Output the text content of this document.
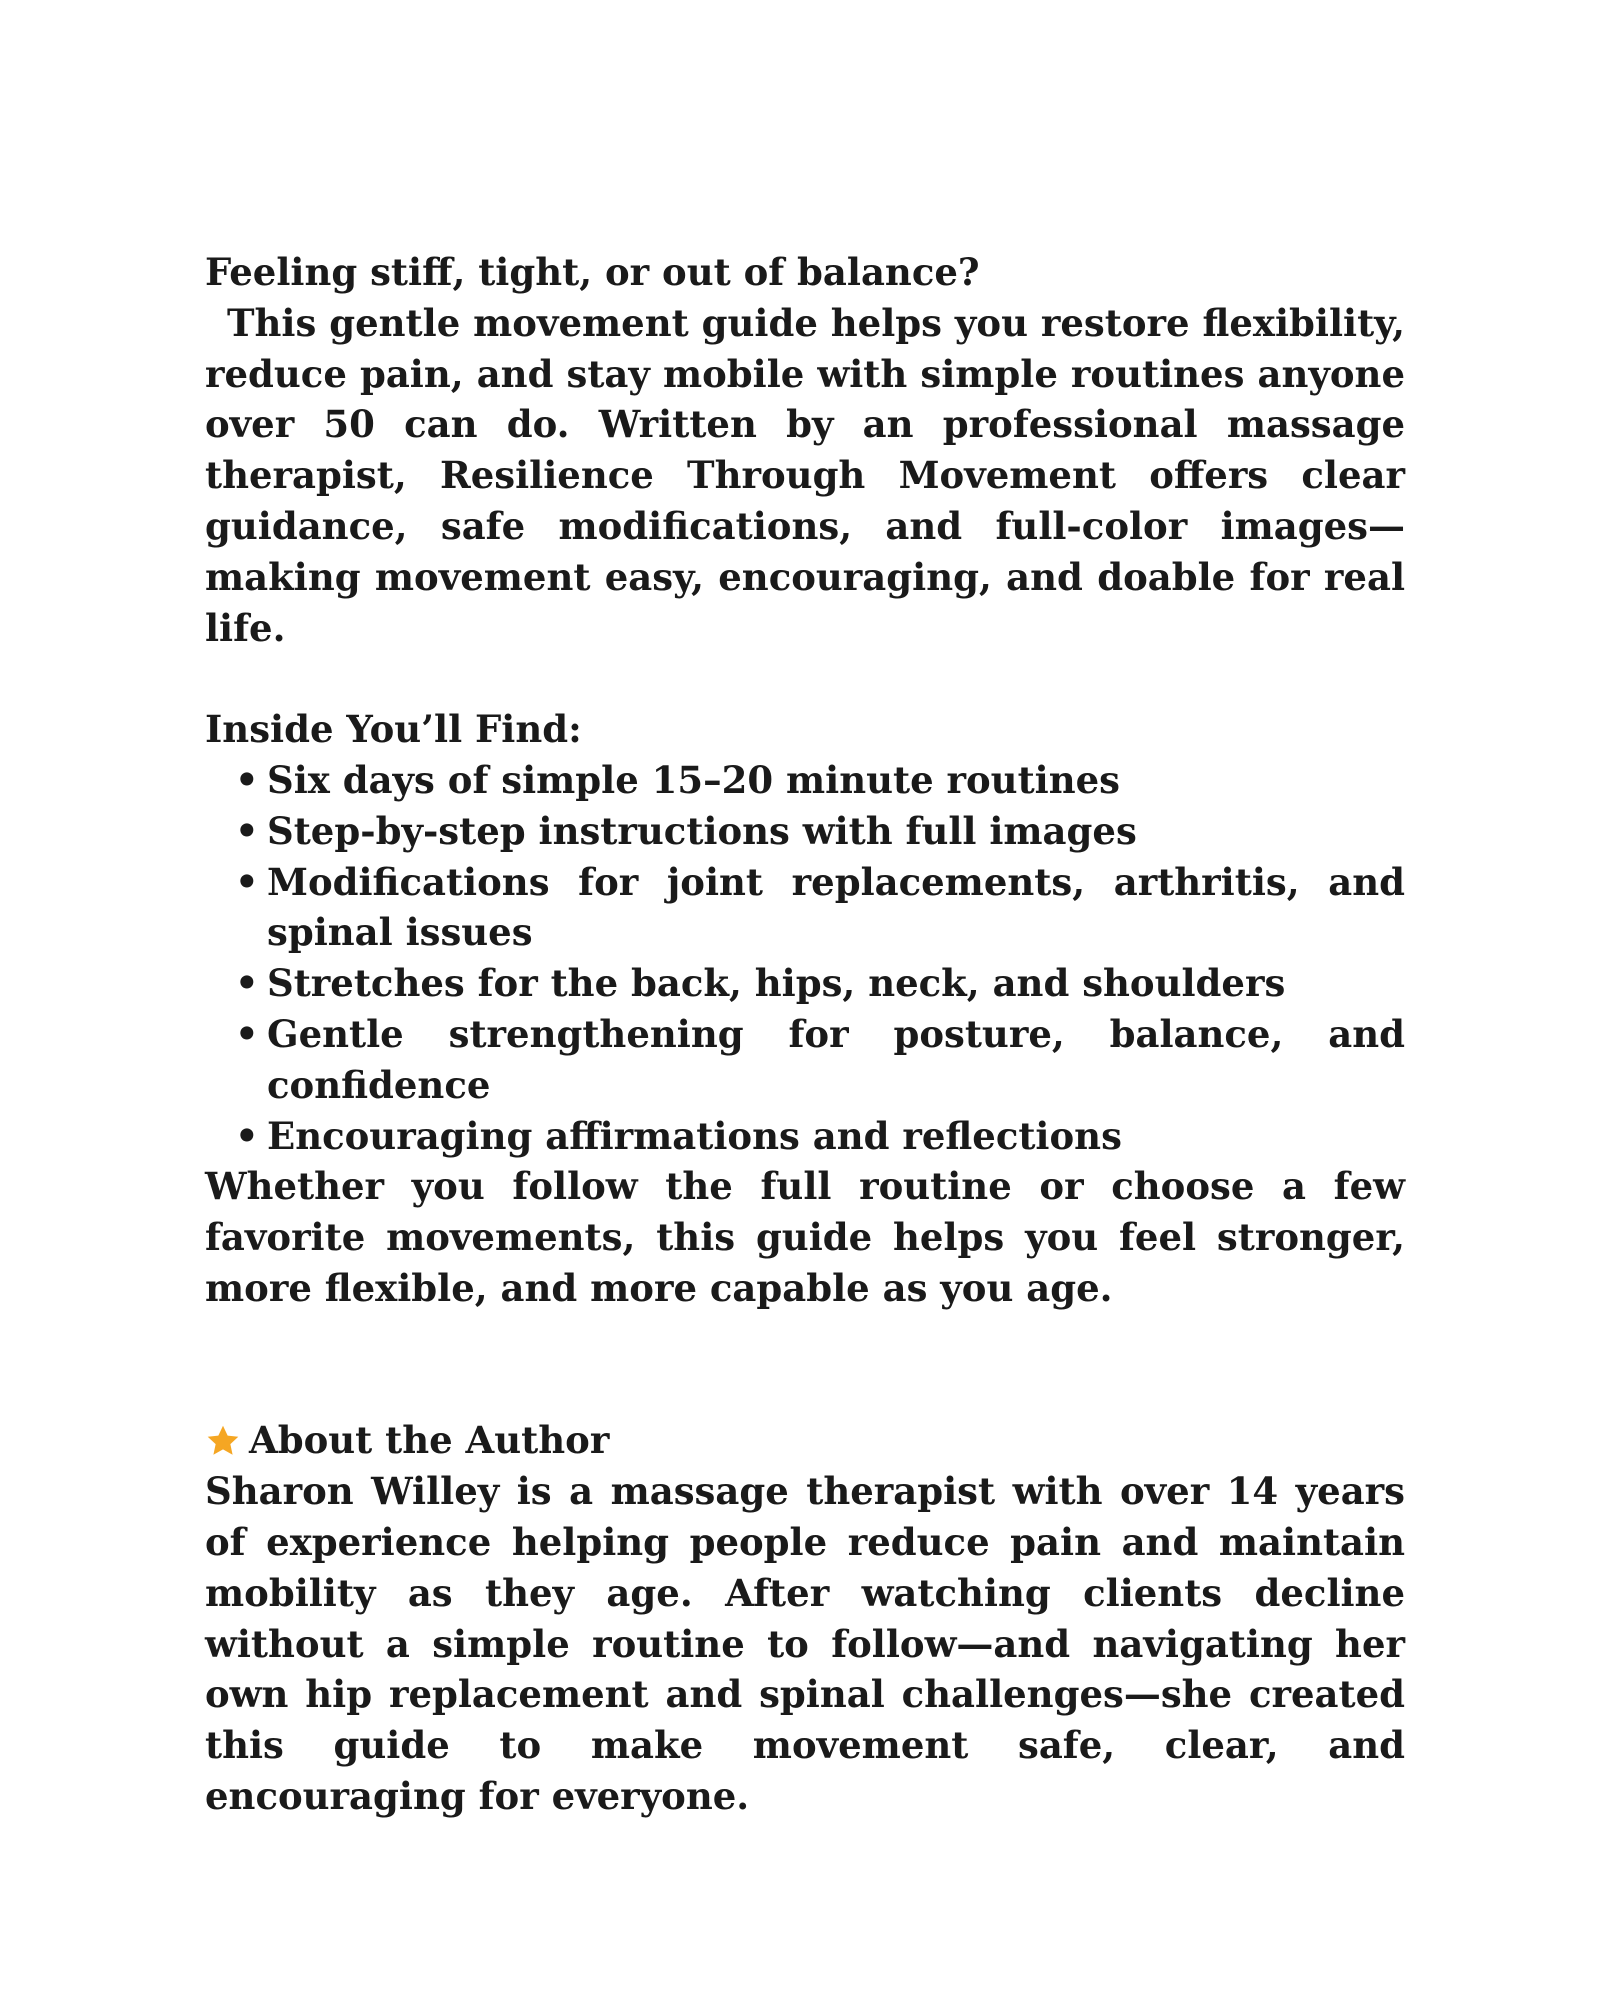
Feeling stiff, tight, or out of balance?

This gentle movement guide helps you restore flexibility, reduce pain, and stay mobile with simple routines anyone over 50 can do. Written by an professional massage therapist, Resilience Through Movement offers clear guidance, safe modifications, and full-color images—making movement easy, encouraging, and doable for real life.

Inside You’ll Find:

• Six days of simple 15–20 minute routines
• Step-by-step instructions with full images
• Modifications for joint replacements, arthritis, and spinal issues
• Stretches for the back, hips, neck, and shoulders
• Gentle strengthening for posture, balance, and confidence
• Encouraging affirmations and reflections

Whether you follow the full routine or choose a few favorite movements, this guide helps you feel stronger, more flexible, and more capable as you age.

About the Author

Sharon Willey is a massage therapist with over 14 years of experience helping people reduce pain and maintain mobility as they age. After watching clients decline without a simple routine to follow—and navigating her own hip replacement and spinal challenges—she created this guide to make movement safe, clear, and encouraging for everyone.
